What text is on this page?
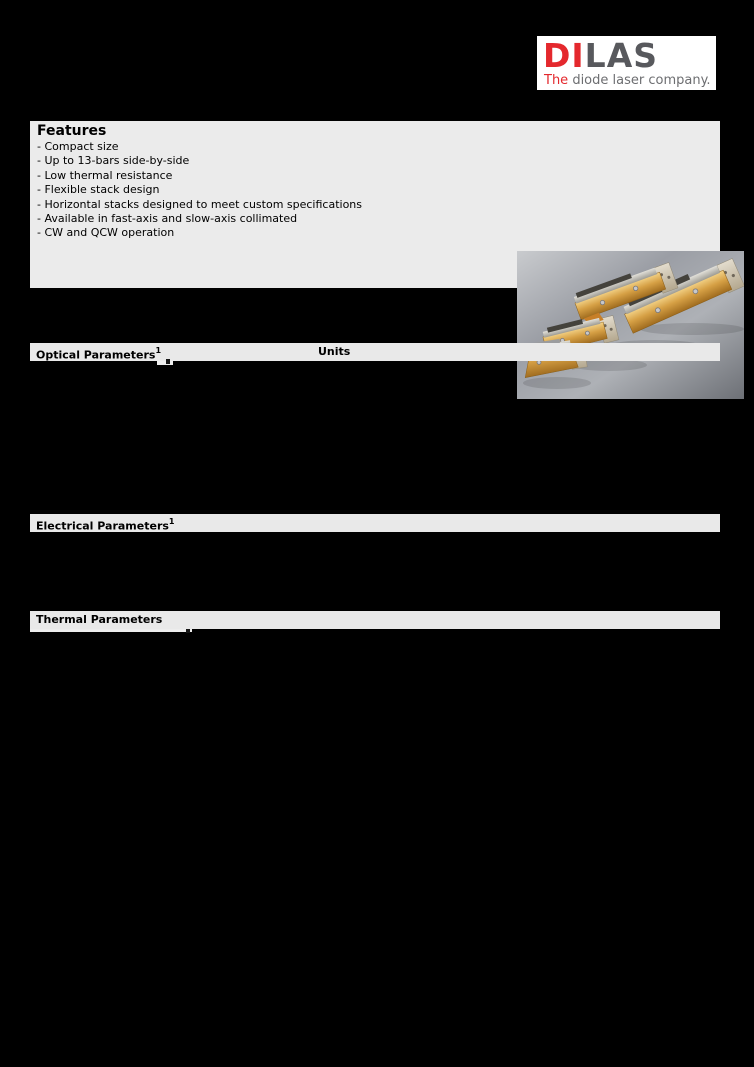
DILAS
The diode laser company.
Features
- Compact size
- Up to 13-bars side-by-side
- Low thermal resistance
- Flexible stack design
- Horizontal stacks designed to meet custom specifications
- Available in fast-axis and slow-axis collimated
- CW and QCW operation
Optical Parameters$^1$	Units
Electrical Parameters$^1$
Thermal Parameters
